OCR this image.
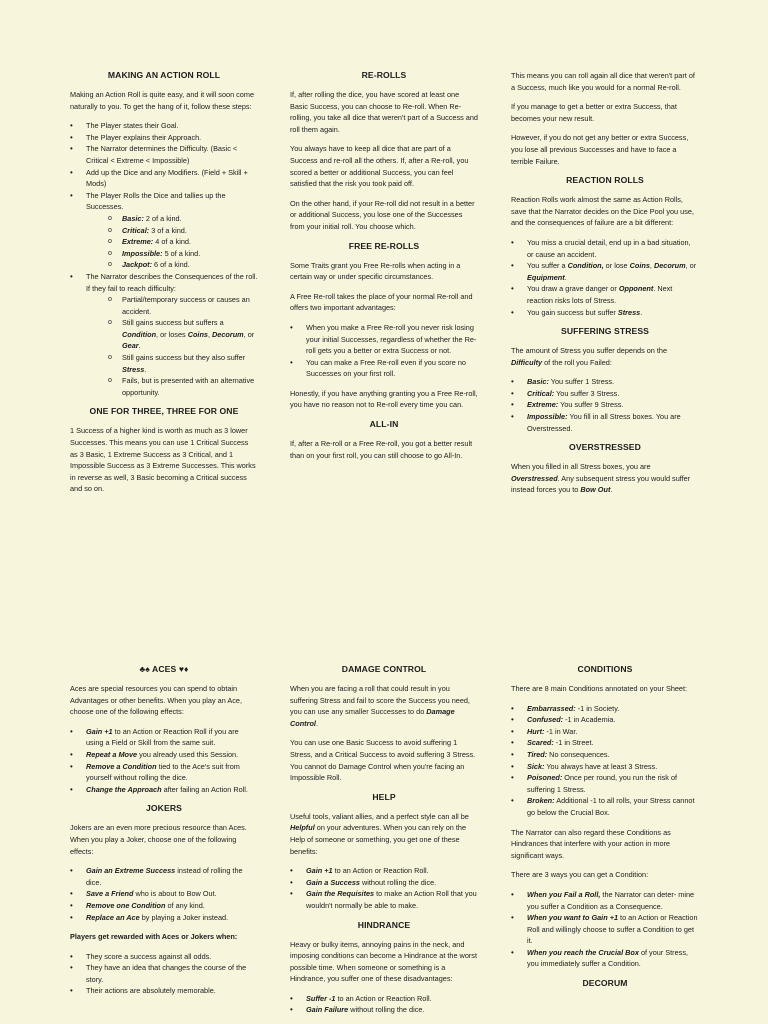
MAKING AN ACTION ROLL

Making an Action Roll is quite easy, and it will soon come naturally to you. To get the hang of it, follow these steps:

• The Player states their Goal.
• The Player explains their Approach.
• The Narrator determines the Difficulty. (Basic < Critical < Extreme < Impossible)
• Add up the Dice and any Modifiers. (Field + Skill + Mods)
• The Player Rolls the Dice and tallies up the Successes.
o Basic: 2 of a kind.
o Critical: 3 of a kind.
o Extreme: 4 of a kind.
o Impossible: 5 of a kind.
o Jackpot: 6 of a kind.
• The Narrator describes the Consequences of the roll. If they fail to reach difficulty:
o Partial/temporary success or causes an accident.
o Still gains success but suffers a Condition, or loses Coins, Decorum, or Gear.
o Still gains success but they also suffer Stress.
o Fails, but is presented with an alternative opportunity.
ONE FOR THREE, THREE FOR ONE

1 Success of a higher kind is worth as much as 3 lower Successes. This means you can use 1 Critical Success as 3 Basic, 1 Extreme Success as 3 Critical, and 1 Impossible Success as 3 Extreme Successes. This works in reverse as well, 3 Basic becoming a Critical success and so on.

RE-ROLLS

If, after rolling the dice, you have scored at least one Basic Success, you can choose to Re-roll. When Re-rolling, you take all dice that weren't part of a Success and roll them again.

You always have to keep all dice that are part of a Success and re-roll all the others. If, after a Re-roll, you scored a better or additional Success, you can feel satisfied that the risk you took paid off.

On the other hand, if your Re-roll did not result in a better or additional Success, you lose one of the Successes from your initial roll. You choose which.

FREE RE-ROLLS

Some Traits grant you Free Re-rolls when acting in a certain way or under specific circumstances.

A Free Re-roll takes the place of your normal Re-roll and offers two important advantages:

• When you make a Free Re-roll you never risk losing your initial Successes, regardless of whether the Re-roll gets you a better or extra Success or not.
• You can make a Free Re-roll even if you score no Successes on your first roll.

Honestly, if you have anything granting you a Free Re-roll, you have no reason not to Re-roll every time you can.

ALL-IN

If, after a Re-roll or a Free Re-roll, you got a better result than on your first roll, you can still choose to go All-In.

This means you can roll again all dice that weren't part of a Success, much like you would for a normal Re-roll.

If you manage to get a better or extra Success, that becomes your new result.

However, if you do not get any better or extra Success, you lose all previous Successes and have to face a terrible Failure.

REACTION ROLLS

Reaction Rolls work almost the same as Action Rolls, save that the Narrator decides on the Dice Pool you use, and the consequences of failure are a bit different:

• You miss a crucial detail, end up in a bad situation, or cause an accident.
• You suffer a Condition, or lose Coins, Decorum, or Equipment.
• You draw a grave danger or Opponent. Next reaction risks lots of Stress.
• You gain success but suffer Stress.
SUFFERING STRESS

The amount of Stress you suffer depends on the Difficulty of the roll you Failed:

• Basic: You suffer 1 Stress.
• Critical: You suffer 3 Stress.
• Extreme: You suffer 9 Stress.
• Impossible: You fill in all Stress boxes. You are Overstressed.
OVERSTRESSED

When you filled in all Stress boxes, you are Overstressed. Any subsequent stress you would suffer instead forces you to Bow Out.

♣♠ ACES ♥♦

Aces are special resources you can spend to obtain Advantages or other benefits. When you play an Ace, choose one of the following effects:

• Gain +1 to an Action or Reaction Roll if you are using a Field or Skill from the same suit.
• Repeat a Move you already used this Session.
• Remove a Condition tied to the Ace's suit from yourself without rolling the dice.
• Change the Approach after failing an Action Roll.
JOKERS

Jokers are an even more precious resource than Aces. When you play a Joker, choose one of the following effects:

• Gain an Extreme Success instead of rolling the dice.
• Save a Friend who is about to Bow Out.
• Remove one Condition of any kind.
• Replace an Ace by playing a Joker instead.

Players get rewarded with Aces or Jokers when:

• They score a success against all odds.
• They have an idea that changes the course of the story.
• Their actions are absolutely memorable.
DAMAGE CONTROL

When you are facing a roll that could result in you suffering Stress and fail to score the Success you need, you can use any smaller Successes to do Damage Control.

You can use one Basic Success to avoid suffering 1 Stress, and a Critical Success to avoid suffering 3 Stress. You cannot do Damage Control when you're facing an Impossible Roll.

HELP

Useful tools, valiant allies, and a perfect style can all be Helpful on your adventures. When you can rely on the Help of someone or something, you get one of these benefits:

• Gain +1 to an Action or Reaction Roll.
• Gain a Success without rolling the dice.
• Gain the Requisites to make an Action Roll that you wouldn't normally be able to make.
HINDRANCE

Heavy or bulky items, annoying pains in the neck, and imposing conditions can become a Hindrance at the worst possible time. When someone or something is a Hindrance, you suffer one of these disadvantages:

• Suffer -1 to an Action or Reaction Roll.
• Gain Failure without rolling the dice.
CONDITIONS

There are 8 main Conditions annotated on your Sheet:

• Embarrassed: -1 in Society.
• Confused: -1 in Academia.
• Hurt: -1 in War.
• Scared: -1 in Street.
• Tired: No consequences.
• Sick: You always have at least 3 Stress.
• Poisoned: Once per round, you run the risk of suffering 1 Stress.
• Broken: Additional -1 to all rolls, your Stress cannot go below the Crucial Box.

The Narrator can also regard these Conditions as Hindrances that interfere with your action in more significant ways.

There are 3 ways you can get a Condition:

• When you Fail a Roll, the Narrator can deter- mine you suffer a Condition as a Consequence.
• When you want to Gain +1 to an Action or Reaction Roll and willingly choose to suffer a Condition to get it.
• When you reach the Crucial Box of your Stress, you immediately suffer a Condition.
DECORUM
